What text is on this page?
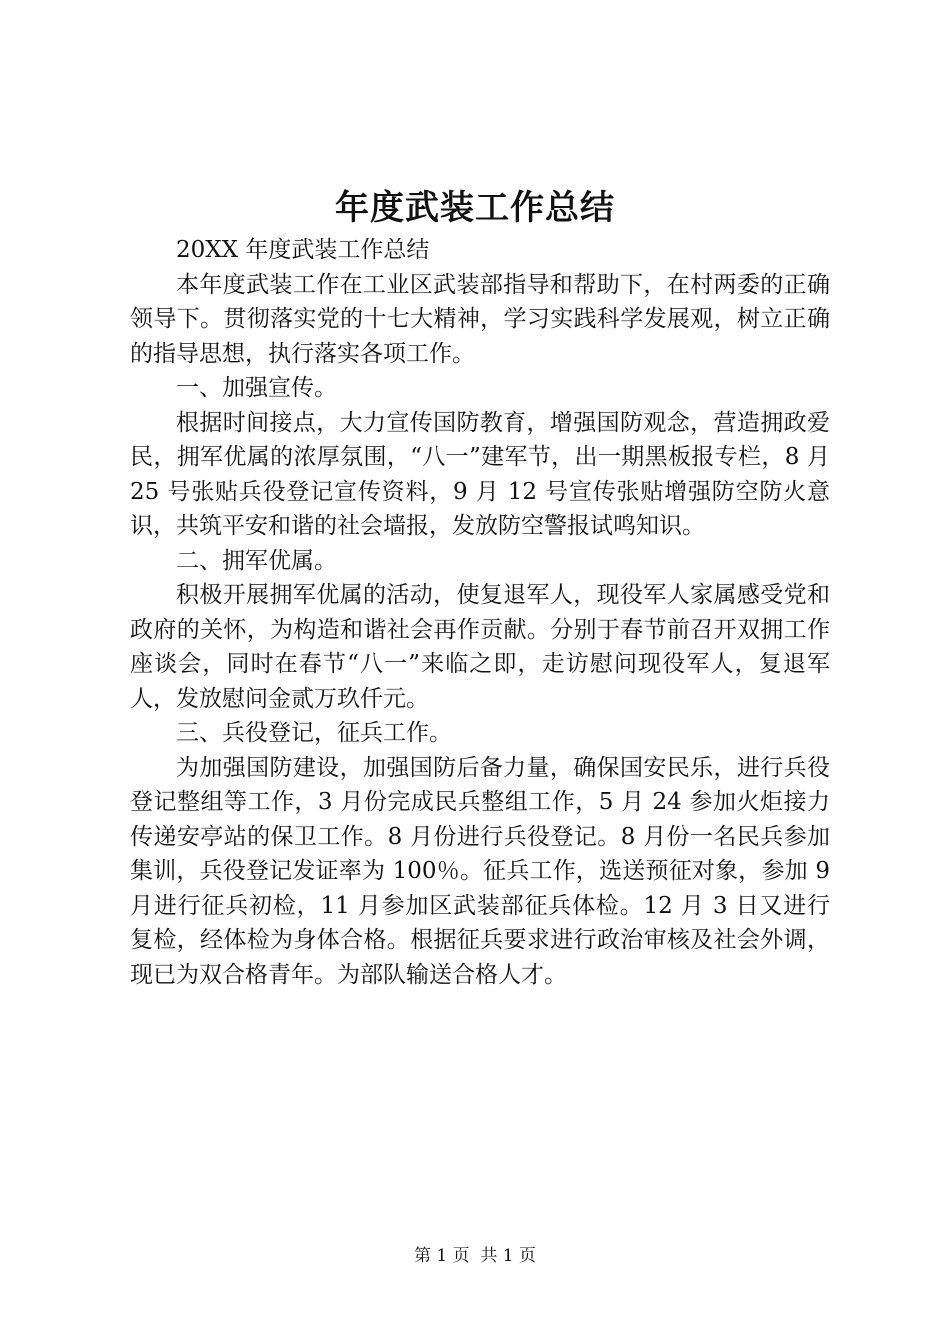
年度武装工作总结

20XX 年度武装工作总结

本年度武装工作在工业区武装部指导和帮助下，在村两委的正确领导下。贯彻落实党的十七大精神，学习实践科学发展观，树立正确的指导思想，执行落实各项工作。

一、加强宣传。

根据时间接点，大力宣传国防教育，增强国防观念，营造拥政爱民，拥军优属的浓厚氛围，“八一”建军节，出一期黑板报专栏，8 月 25 号张贴兵役登记宣传资料，9 月 12 号宣传张贴增强防空防火意识，共筑平安和谐的社会墙报，发放防空警报试鸣知识。

二、拥军优属。

积极开展拥军优属的活动，使复退军人，现役军人家属感受党和政府的关怀，为构造和谐社会再作贡献。分别于春节前召开双拥工作座谈会，同时在春节“八一”来临之即，走访慰问现役军人，复退军人，发放慰问金贰万玖仟元。

三、兵役登记，征兵工作。

为加强国防建设，加强国防后备力量，确保国安民乐，进行兵役登记整组等工作，3 月份完成民兵整组工作，5 月 24 参加火炬接力传递安亭站的保卫工作。8 月份进行兵役登记。8 月份一名民兵参加集训，兵役登记发证率为 100％。征兵工作，选送预征对象，参加 9 月进行征兵初检，11 月参加区武装部征兵体检。12 月 3 日又进行复检，经体检为身体合格。根据征兵要求进行政治审核及社会外调，现已为双合格青年。为部队输送合格人才。

第 1 页 共 1 页
